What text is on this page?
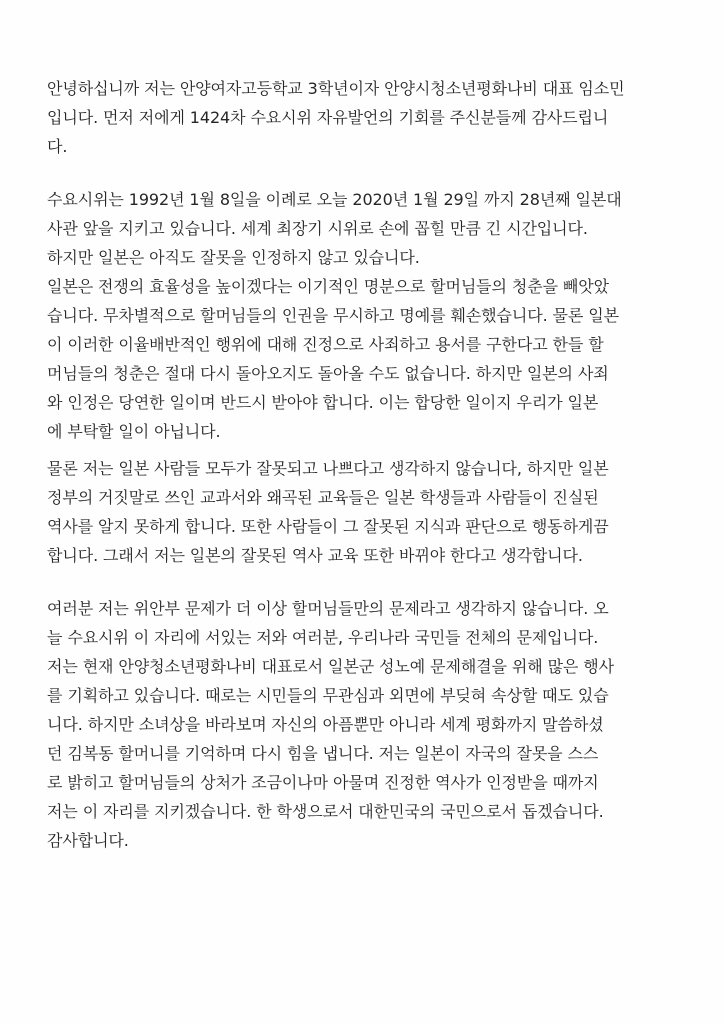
안녕하십니까 저는 안양여자고등학교 3학년이자 안양시청소년평화나비 대표 임소민
입니다. 먼저 저에게 1424차 수요시위 자유발언의 기회를 주신분들께 감사드립니
다.
수요시위는 1992년 1월 8일을 이례로 오늘 2020년 1월 29일 까지 28년째 일본대
사관 앞을 지키고 있습니다. 세계 최장기 시위로 손에 꼽힐 만큼 긴 시간입니다.
하지만 일본은 아직도 잘못을 인정하지 않고 있습니다.
일본은 전쟁의 효율성을 높이겠다는 이기적인 명분으로 할머님들의 청춘을 빼앗았
습니다. 무차별적으로 할머님들의 인권을 무시하고 명예를 훼손했습니다. 물론 일본
이 이러한 이율배반적인 행위에 대해 진정으로 사죄하고 용서를 구한다고 한들 할
머님들의 청춘은 절대 다시 돌아오지도 돌아올 수도 없습니다. 하지만 일본의 사죄
와 인정은 당연한 일이며 반드시 받아야 합니다. 이는 합당한 일이지 우리가 일본
에 부탁할 일이 아닙니다.
물론 저는 일본 사람들 모두가 잘못되고 나쁘다고 생각하지 않습니다, 하지만 일본
정부의 거짓말로 쓰인 교과서와 왜곡된 교육들은 일본 학생들과 사람들이 진실된
역사를 알지 못하게 합니다. 또한 사람들이 그 잘못된 지식과 판단으로 행동하게끔
합니다. 그래서 저는 일본의 잘못된 역사 교육 또한 바뀌야 한다고 생각합니다.
여러분 저는 위안부 문제가 더 이상 할머님들만의 문제라고 생각하지 않습니다. 오
늘 수요시위 이 자리에 서있는 저와 여러분, 우리나라 국민들 전체의 문제입니다.
저는 현재 안양청소년평화나비 대표로서 일본군 성노예 문제해결을 위해 많은 행사
를 기획하고 있습니다. 때로는 시민들의 무관심과 외면에 부딪혀 속상할 때도 있습
니다. 하지만 소녀상을 바라보며 자신의 아픔뿐만 아니라 세계 평화까지 말씀하셨
던 김복동 할머니를 기억하며 다시 힘을 냅니다. 저는 일본이 자국의 잘못을 스스
로 밝히고 할머님들의 상처가 조금이나마 아물며 진정한 역사가 인정받을 때까지
저는 이 자리를 지키겠습니다. 한 학생으로서 대한민국의 국민으로서 돕겠습니다.
감사합니다.
